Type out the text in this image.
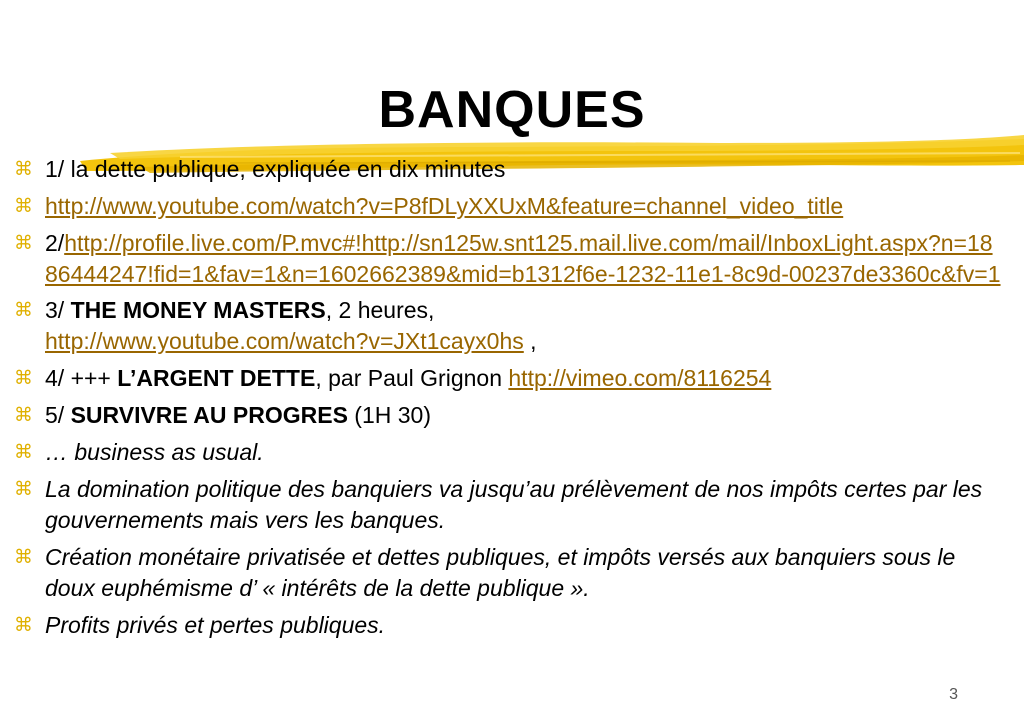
BANQUES
⌘ 1/ la dette publique, expliquée en dix minutes
⌘ http://www.youtube.com/watch?v=P8fDLyXXUxM&feature=channel_video_title
⌘ 2/http://profile.live.com/P.mvc#!http://sn125w.snt125.mail.live.com/mail/InboxLight.aspx?n=1886444247!fid=1&fav=1&n=1602662389&mid=b1312f6e-1232-11e1-8c9d-00237de3360c&fv=1
⌘ 3/ THE MONEY MASTERS, 2 heures,
http://www.youtube.com/watch?v=JXt1cayx0hs ,
⌘ 4/ +++ L’ARGENT DETTE, par Paul Grignon http://vimeo.com/8116254
⌘ 5/ SURVIVRE AU PROGRES (1H 30)
⌘ … business as usual.
⌘ La domination politique des banquiers va jusqu’au prélèvement de nos impôts certes par les gouvernements mais vers les banques.
⌘ Création monétaire privatisée et dettes publiques, et impôts versés aux banquiers sous le doux euphémisme d’ « intérêts de la dette publique ».
⌘ Profits privés et pertes publiques.
3
